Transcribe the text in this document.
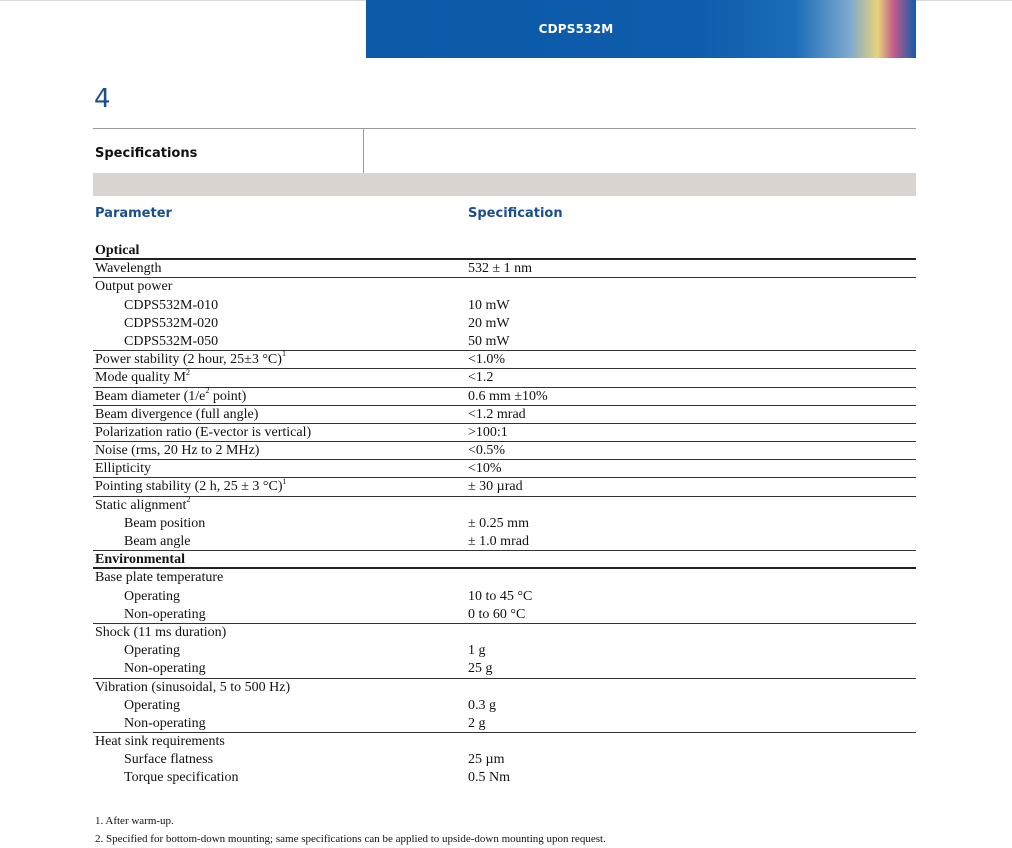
CDPS532M
4
Specifications
Parameter	Specification
Optical
Wavelength	532 ± 1 nm
Output power
CDPS532M-010	10 mW
CDPS532M-020	20 mW
CDPS532M-050	50 mW
Power stability (2 hour, 25±3 °C)$^1$	<1.0%
Mode quality $M^2$	<1.2
Beam diameter ($1/e^2$ point)	0.6 mm ±10%
Beam divergence (full angle)	<1.2 mrad
Polarization ratio (E-vector is vertical)	>100:1
Noise (rms, 20 Hz to 2 MHz)	<0.5%
Ellipticity	<10%
Pointing stability (2 h, 25 ± 3 °C)$^1$	± 30 µrad
Static alignment$^2$
Beam position	± 0.25 mm
Beam angle	± 1.0 mrad
Environmental
Base plate temperature
Operating	10 to 45 °C
Non-operating	0 to 60 °C
Shock (11 ms duration)
Operating	1 g
Non-operating	25 g
Vibration (sinusoidal, 5 to 500 Hz)
Operating	0.3 g
Non-operating	2 g
Heat sink requirements
Surface flatness	25 µm
Torque specification	0.5 Nm
1. After warm-up.
2. Specified for bottom-down mounting; same specifications can be applied to upside-down mounting upon request.
